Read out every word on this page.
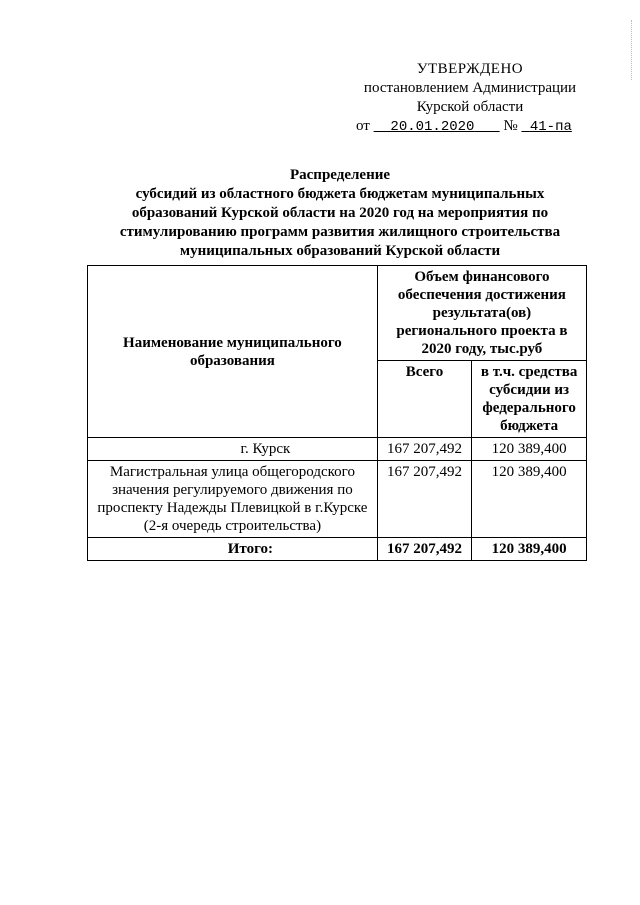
УТВЕРЖДЕНО
постановлением Администрации
Курской области
от 20.01.2020 № 41-па
Распределение
субсидий из областного бюджета бюджетам муниципальных
образований Курской области на 2020 год на мероприятия по
стимулированию программ развития жилищного строительства
муниципальных образований Курской области
Наименование муниципального образования	Объем финансового обеспечения достижения результата(ов) регионального проекта в 2020 году, тыс.руб	
	Всего	в т.ч. средства субсидии из федерального бюджета
г. Курск	167 207,492	120 389,400
Магистральная улица общегородского значения регулируемого движения по проспекту Надежды Плевицкой в г.Курске (2-я очередь строительства)	167 207,492	120 389,400
Итого:	167 207,492	120 389,400
